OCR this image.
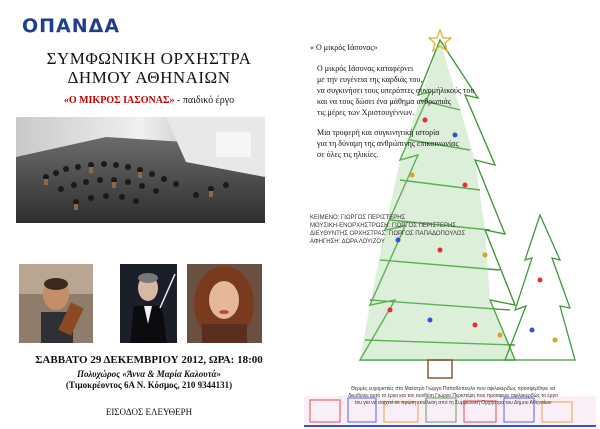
ΟΠΑΝΔΑ
ΣΥΜΦΩΝΙΚΗ ΟΡΧΗΣΤΡΑ
ΔΗΜΟΥ ΑΘΗΝΑΙΩΝ
«Ο ΜΙΚΡΟΣ ΙΑΣΟΝΑΣ» - παιδικό έργο
ΣΑΒΒΑΤΟ 29 ΔΕΚΕΜΒΡΙΟΥ 2012, ΩΡΑ: 18:00
Πολυχώρος «Άννα & Μαρία Καλουτά»
(Τιμοκρέοντος 6Α Ν. Κόσμος, 210 9344131)
ΕΙΣΟΔΟΣ ΕΛΕΥΘΕΡΗ
« Ο μικρός Ιάσονας»
Ο μικρός Ιάσονας καταφέρνει
με την ευγένεια της καρδιάς του,
να συγκινήσει τους υπερόπτες συνομήλικούς του
και να τους δώσει ένα μάθημα ανθρωπιάς
τις μέρες των Χριστουγέννων.
Μια τρυφερή και συγκινητική ιστορία
για τη δύναμη της ανθρώπινης επικοινωνίας
σε όλες τις ηλικίες.
ΚΕΙΜΕΝΟ: ΓΙΩΡΓΟΣ ΠΕΡΙΣΤΕΡΗΣ
ΜΟΥΣΙΚΗ-ΕΝΟΡΧΗΣΤΡΩΣΗ: ΓΙΩΡΓΟΣ ΠΕΡΙΣΤΕΡΗΣ
ΔΙΕΥΘΥΝΤΗΣ ΟΡΧΗΣΤΡΑΣ: ΓΙΩΡΓΟΣ ΠΑΠΑΔΟΠΟΥΛΟΣ
ΑΦΗΓΗΣΗ: ΔΩΡΑ ΛΟΥΙΖΟΥ
Θερμές ευχαριστίες στο Μαέστρο Γιώργο Παπαδόπουλο που αφιλοκερδώς προσφέρθηκε να
διευθύνει αυτό το έργο και τον συνθέτη Γιώργο Περιστέρη που πρόσφερε αφιλοκερδώς το έργο
του για να σαιχτεί σε πρώτη εκτέλεση από τη Συμφωνική Ορχήστρα του Δήμου Αθηναίων
